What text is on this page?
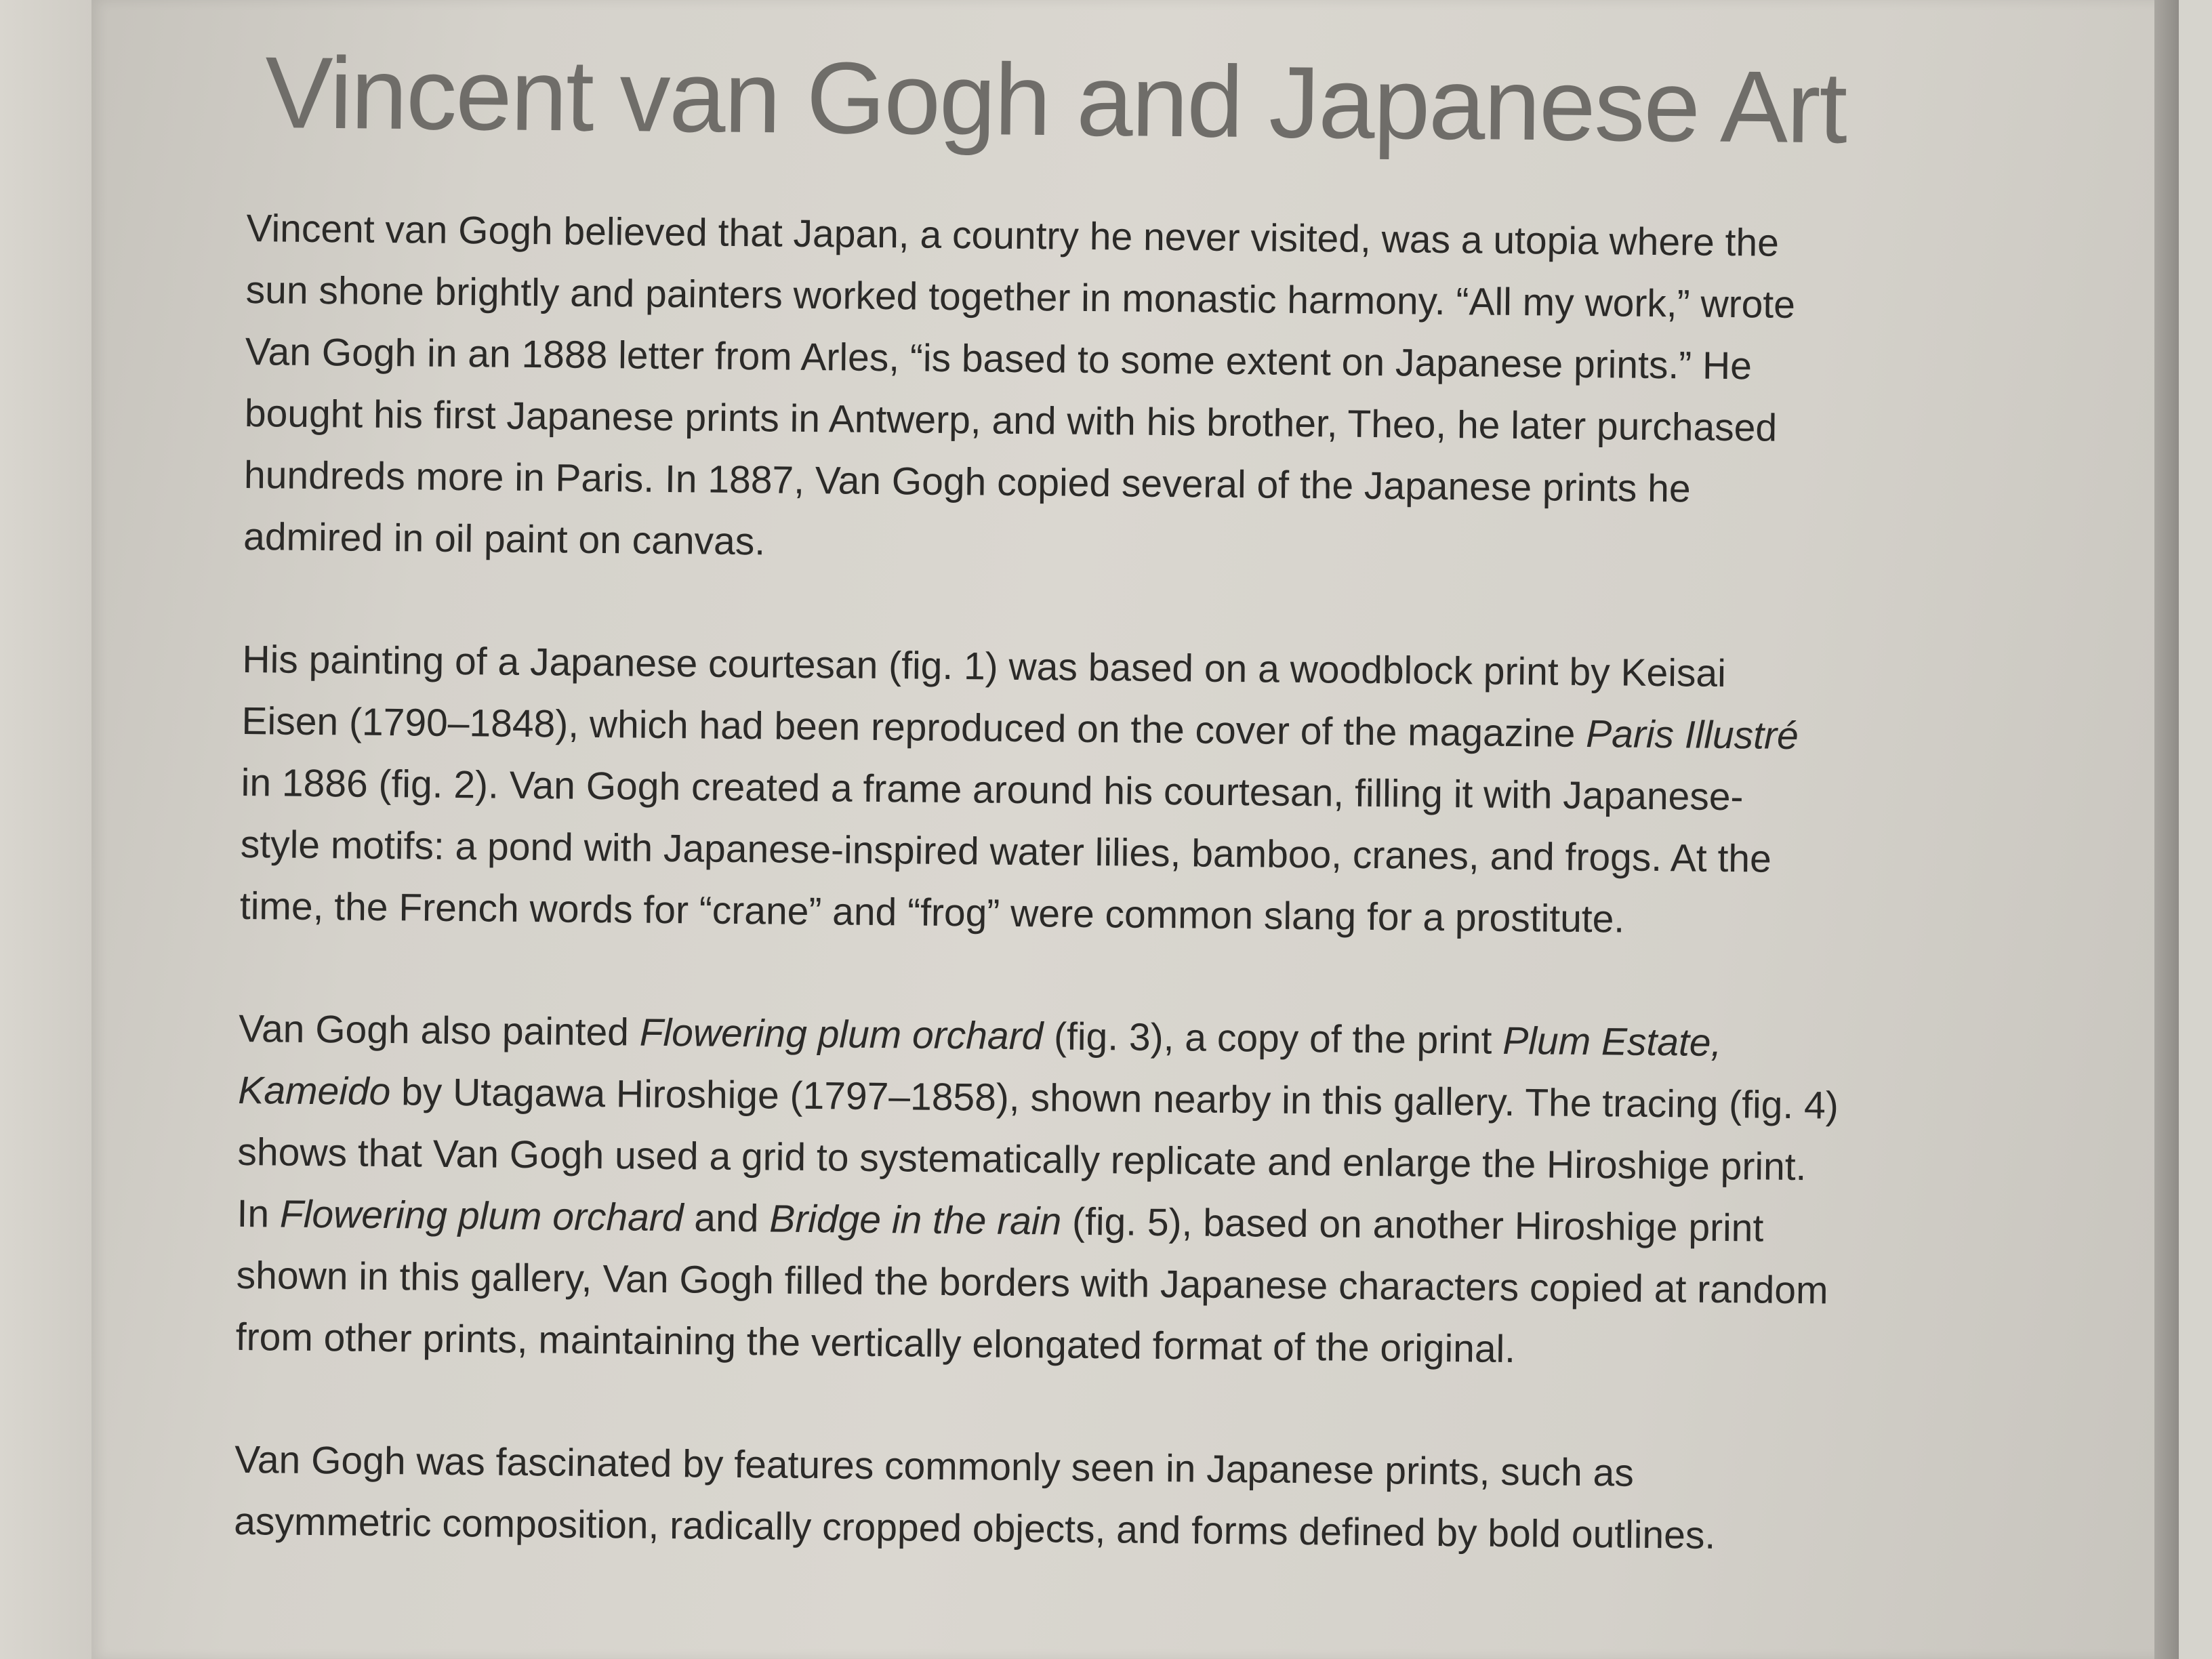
Vincent van Gogh and Japanese Art

Vincent van Gogh believed that Japan, a country he never visited, was a utopia where the
sun shone brightly and painters worked together in monastic harmony. “All my work,” wrote
Van Gogh in an 1888 letter from Arles, “is based to some extent on Japanese prints.” He
bought his first Japanese prints in Antwerp, and with his brother, Theo, he later purchased
hundreds more in Paris. In 1887, Van Gogh copied several of the Japanese prints he
admired in oil paint on canvas.

His painting of a Japanese courtesan (fig. 1) was based on a woodblock print by Keisai
Eisen (1790–1848), which had been reproduced on the cover of the magazine Paris Illustré
in 1886 (fig. 2). Van Gogh created a frame around his courtesan, filling it with Japanese-
style motifs: a pond with Japanese-inspired water lilies, bamboo, cranes, and frogs. At the
time, the French words for “crane” and “frog” were common slang for a prostitute.

Van Gogh also painted Flowering plum orchard (fig. 3), a copy of the print Plum Estate,
Kameido by Utagawa Hiroshige (1797–1858), shown nearby in this gallery. The tracing (fig. 4)
shows that Van Gogh used a grid to systematically replicate and enlarge the Hiroshige print.
In Flowering plum orchard and Bridge in the rain (fig. 5), based on another Hiroshige print
shown in this gallery, Van Gogh filled the borders with Japanese characters copied at random
from other prints, maintaining the vertically elongated format of the original.

Van Gogh was fascinated by features commonly seen in Japanese prints, such as
asymmetric composition, radically cropped objects, and forms defined by bold outlines.
